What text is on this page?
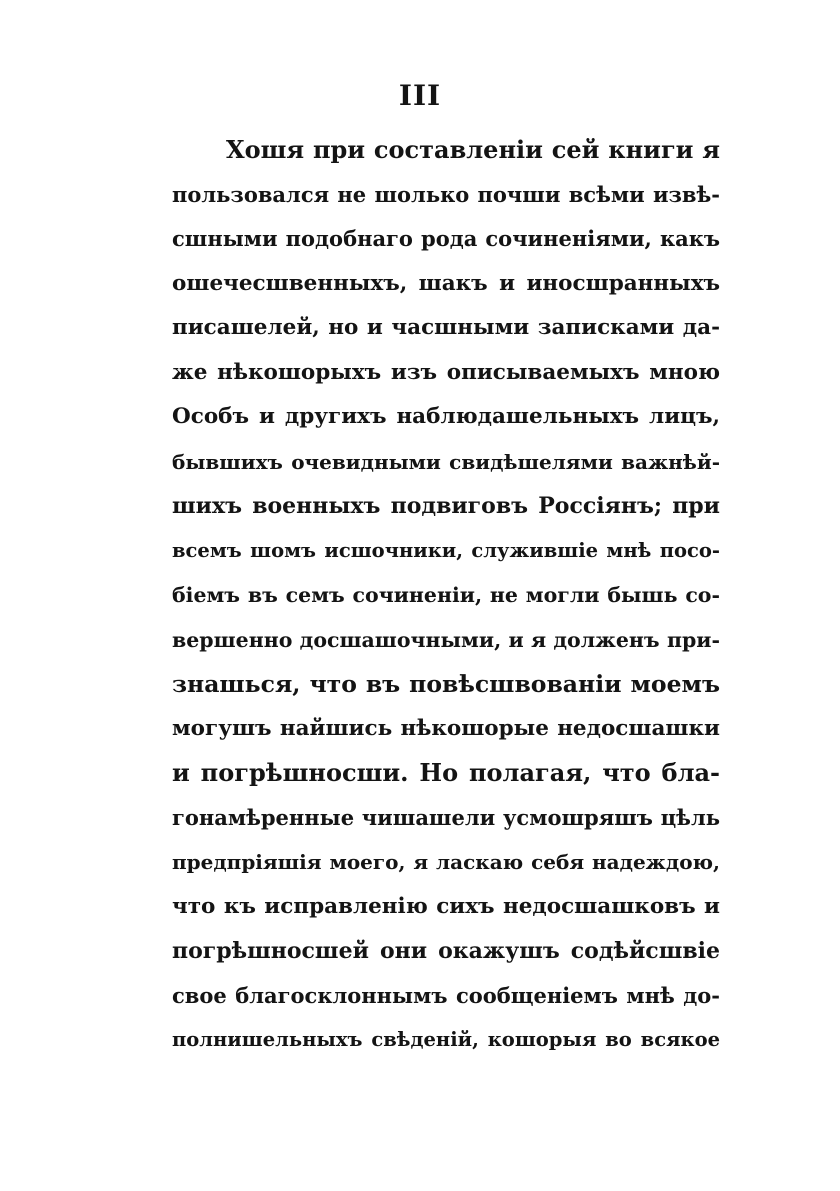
III
Хошя при составленіи сей книги я
пользовался не шолько почши всѣми извѣ-
сшными подобнаго рода сочиненіями, какъ
ошечесшвенныхъ, шакъ и иносшранныхъ
писашелей, но и часшными записками да-
же нѣкошорыхъ изъ описываемыхъ мною
Особъ и другихъ наблюдашельныхъ лицъ,
бывшихъ очевидными свидѣшелями важнѣй-
шихъ военныхъ подвиговъ Россіянъ; при
всемъ шомъ исшочники, служившіе мнѣ посо-
біемъ въ семъ сочиненіи, не могли бышь со-
вершенно досшашочными, и я долженъ при-
знашься, что въ повѣсшвованіи моемъ
могушъ найшись нѣкошорые недосшашки
и погрѣшносши. Но полагая, что бла-
гонамѣренные чишашели усмошряшъ цѣль
предпріяшія моего, я ласкаю себя надеждою,
что къ исправленію сихъ недосшашковъ и
погрѣшносшей они окажушъ содѣйсшвіе
свое благосклоннымъ сообщеніемъ мнѣ до-
полнишельныхъ свѣденій, кошорыя во всякое
